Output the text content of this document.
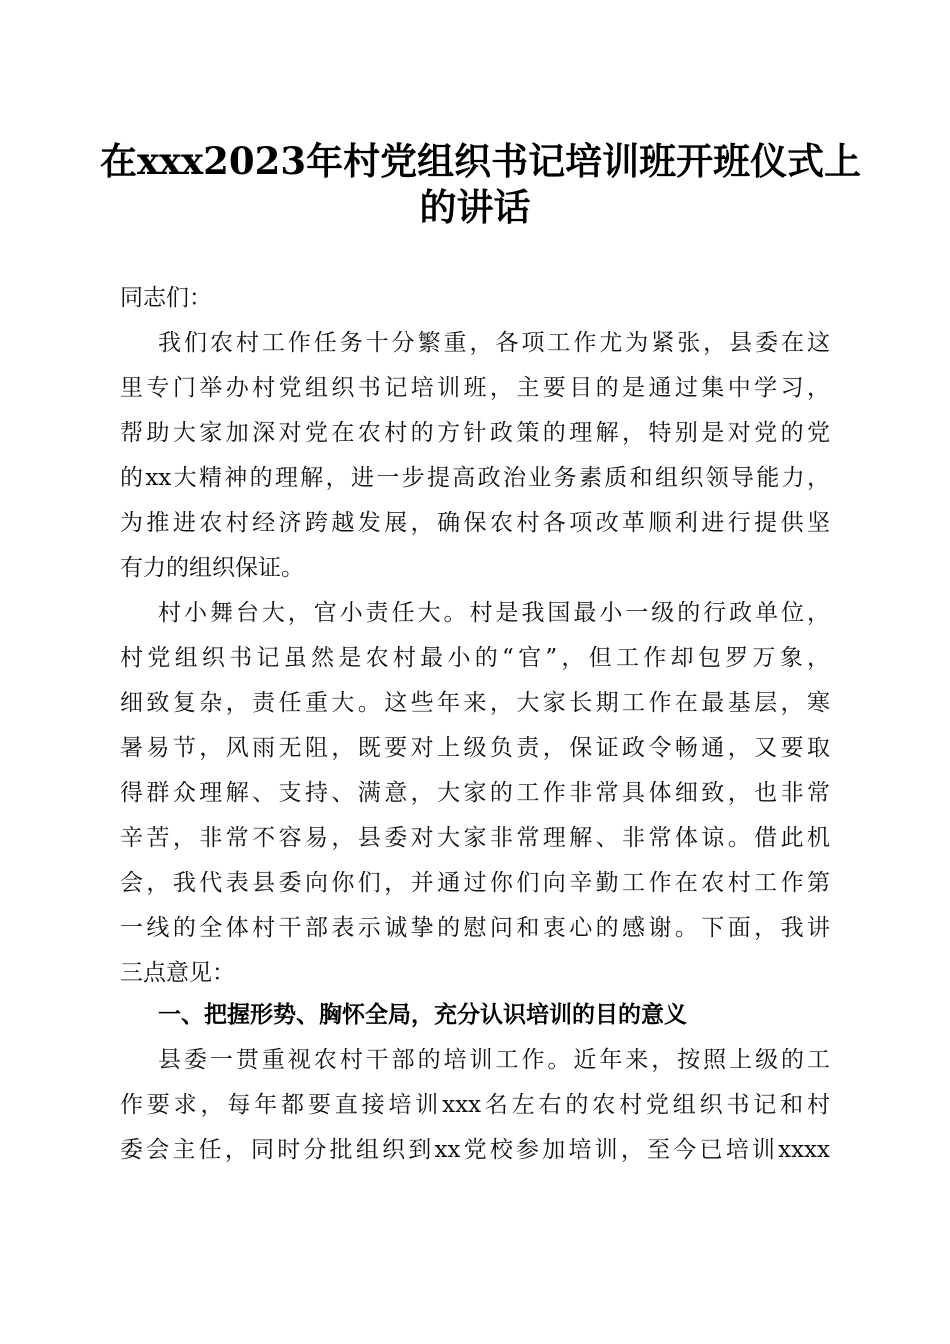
在xxx2023年村党组织书记培训班开班仪式上
的讲话
同志们：
我们农村工作任务十分繁重，各项工作尤为紧张，县委在这
里专门举办村党组织书记培训班，主要目的是通过集中学习，
帮助大家加深对党在农村的方针政策的理解，特别是对党的党
的xx大精神的理解，进一步提高政治业务素质和组织领导能力，
为推进农村经济跨越发展，确保农村各项改革顺利进行提供坚
有力的组织保证。
村小舞台大，官小责任大。村是我国最小一级的行政单位，
村党组织书记虽然是农村最小的“官”，但工作却包罗万象，
细致复杂，责任重大。这些年来，大家长期工作在最基层，寒
暑易节，风雨无阻，既要对上级负责，保证政令畅通，又要取
得群众理解、支持、满意，大家的工作非常具体细致，也非常
辛苦，非常不容易，县委对大家非常理解、非常体谅。借此机
会，我代表县委向你们，并通过你们向辛勤工作在农村工作第
一线的全体村干部表示诚挚的慰问和衷心的感谢。下面，我讲
三点意见：
一、把握形势、胸怀全局，充分认识培训的目的意义
县委一贯重视农村干部的培训工作。近年来，按照上级的工
作要求，每年都要直接培训xxx名左右的农村党组织书记和村
委会主任，同时分批组织到xx党校参加培训，至今已培训xxxx
